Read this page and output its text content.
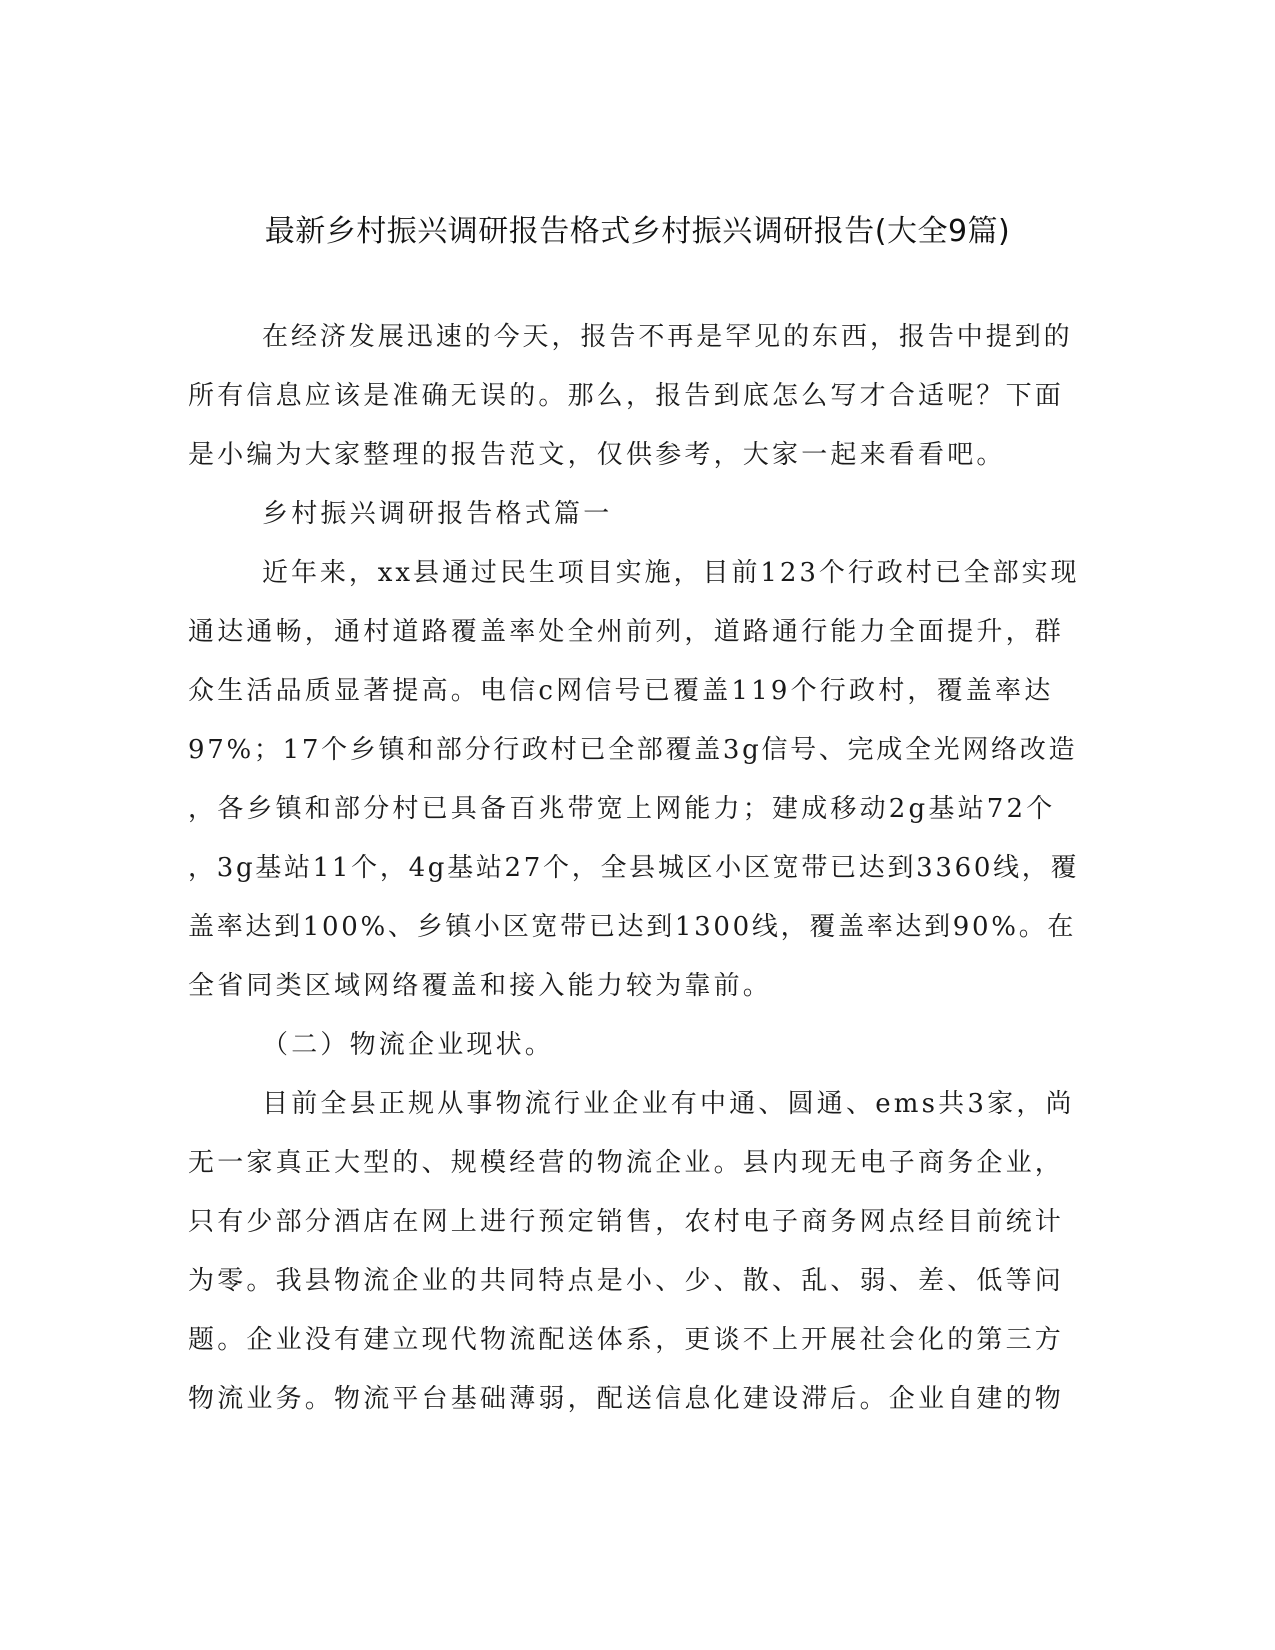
最新乡村振兴调研报告格式乡村振兴调研报告(大全9篇)
在经济发展迅速的今天，报告不再是罕见的东西，报告中提到的
所有信息应该是准确无误的。那么，报告到底怎么写才合适呢？下面
是小编为大家整理的报告范文，仅供参考，大家一起来看看吧。
乡村振兴调研报告格式篇一
近年来，xx县通过民生项目实施，目前123个行政村已全部实现
通达通畅，通村道路覆盖率处全州前列，道路通行能力全面提升，群
众生活品质显著提高。电信c网信号已覆盖119个行政村，覆盖率达
97%；17个乡镇和部分行政村已全部覆盖3g信号、完成全光网络改造
，各乡镇和部分村已具备百兆带宽上网能力；建成移动2g基站72个
，3g基站11个，4g基站27个，全县城区小区宽带已达到3360线，覆
盖率达到100%、乡镇小区宽带已达到1300线，覆盖率达到90%。在
全省同类区域网络覆盖和接入能力较为靠前。
（二）物流企业现状。
目前全县正规从事物流行业企业有中通、圆通、ems共3家，尚
无一家真正大型的、规模经营的物流企业。县内现无电子商务企业，
只有少部分酒店在网上进行预定销售，农村电子商务网点经目前统计
为零。我县物流企业的共同特点是小、少、散、乱、弱、差、低等问
题。企业没有建立现代物流配送体系，更谈不上开展社会化的第三方
物流业务。物流平台基础薄弱，配送信息化建设滞后。企业自建的物
